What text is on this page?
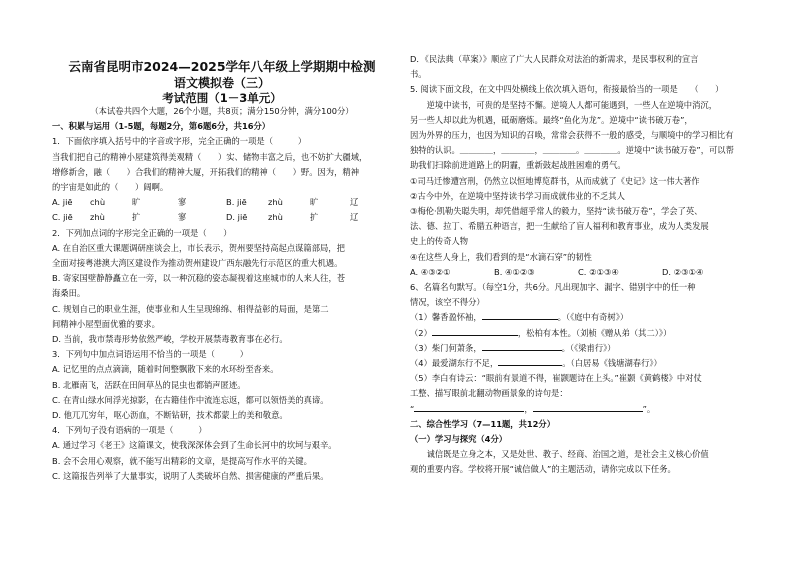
云南省昆明市2024—2025学年八年级上学期期中检测
语文模拟卷（三）
考试范围（1－3单元）
（本试卷共四个大题，26个小题，共8页；满分150分钟，满分100分）
一、积累与运用（1-5题，每题2分，第6题6分，共16分）
1．下面依序填入括号中的字音或字形，完全正确的一项是（　　　）
当我们把自己的精神小屋建筑得美观精（　　）实、储物丰富之后，也不妨扩大疆域，
增修新舍，融（　　）合我们的精神大厦，开拓我们的精神（　　）野。因为，精神
的宇宙是如此的（　　）阔啊。
A. jiē	chù	旷	寥	B. jiē	zhù	旷	辽
C. jiē	zhù	扩	寥	D. jiē	zhù	扩	辽
2．下列加点词的字形完全正确的一项是（　　）
A. 在自治区重大课题调研座谈会上，市长表示，贺州要坚持高起点谋篇部局，把
全面对接粤港澳大湾区建设作为推动贺州建设广西东融先行示范区的重大机遇。
B. 寄家国壁静静矗立在一旁，以一种沉稳的姿态凝视着这座城市的人来人往，苍
海桑田。
C. 规划自己的职业生涯，使事业和人生呈现绵绵、相得益彰的局面，是第二
间精神小屋型面优雅的要求。
D. 当前，我市禁毒形势依然严峻，学校开展禁毒教育事在必行。
3．下列句中加点词语运用不恰当的一项是（　　　）
A. 记忆里的点点滴滴，随着时间整飘散下来的水环纷至沓来。
B. 北雁南飞，活跃在田间草丛的昆虫也都销声匿迹。
C. 在青山绿水间浮光掠影，在古籍佳作中流连忘返，都可以领悟美的真谛。
D. 他兀兀穷年，呕心沥血，不断钻研，技术都蒙上的美和敬意。
4．下列句子没有语病的一项是（　　　）
A. 通过学习《老王》这篇课文，使我深深体会到了生命长河中的坎坷与艰辛。
B. 会不会用心观察，就不能写出精彩的文章，是提高写作水平的关键。
C. 这篇报告列举了大量事实，说明了人类破坏自然、损害健康的严重后果。
D．《民法典（草案）》顺应了广大人民群众对法治的新需求，是民事权利的宣言
书。
5. 阅读下面文段，在文中四处横线上依次填入语句，衔接最恰当的一项是　　（　　）
逆境中读书，可贵的是坚持不懈。逆境人人都可能遇到，一些人在逆境中消沉，
另一些人却以此为机遇，砥砺磨炼。最终“鱼化为龙”。逆境中“读书破万卷”，
因为外界的压力，也因为知识的召唤，常常会获得不一般的感受，与顺境中的学习相比有
独特的认识。＿＿＿＿，＿＿＿＿，＿＿＿＿。＿＿＿＿。逆境中“读书破万卷”，可以帮
助我们扫除前进道路上的阴霾，重新鼓起战胜困难的勇气。
①司马迁惨遭宫刑，仍然立以恒地博览群书，从而成就了《史记》这一伟大著作
②古今中外，在逆境中坚持读书学习而成就伟业的不乏其人
③梅伦·凯勒失聪失明，却凭借超乎常人的毅力，坚持“读书破万卷”，学会了英、
法、德、拉丁、希腊五种语言，把一生献给了盲人福利和教育事业，成为人类发展
史上的传奇人物
④在这些人身上，我们看到的是“水滴石穿”的韧性
A. ④③②①	B. ④①②③	C. ②①③④	D. ②③①④
6、名篇名句默写。（每空1分，共6分。凡出现加字、漏字、错别字中的任一种
情况，该空不得分）
（1）馨香盈怀袖，	。（《庭中有奇树》）
（2）	，松柏有本性。（刘桢《赠从弟（其二）》）
（3）柴门何萧条，	。（《梁甫行》）
（4）最爱湖东行不足，	。（白居易《钱塘湖春行》）
（5）李白有诗云：“眼前有景道不得，崔颢题诗在上头。”崔颢《黄鹤楼》中对仗
工整、描写眼前北翻动物画景象的诗句是：
“	，	”。
二、综合性学习（7—11题，共12分）
（一）学习与探究（4分）
诚信既是立身之本，又是处世、教子、经商、治国之道，是社会主义核心价值
观的重要内容。学校将开展“诚信做人”的主题活动，请你完成以下任务。
